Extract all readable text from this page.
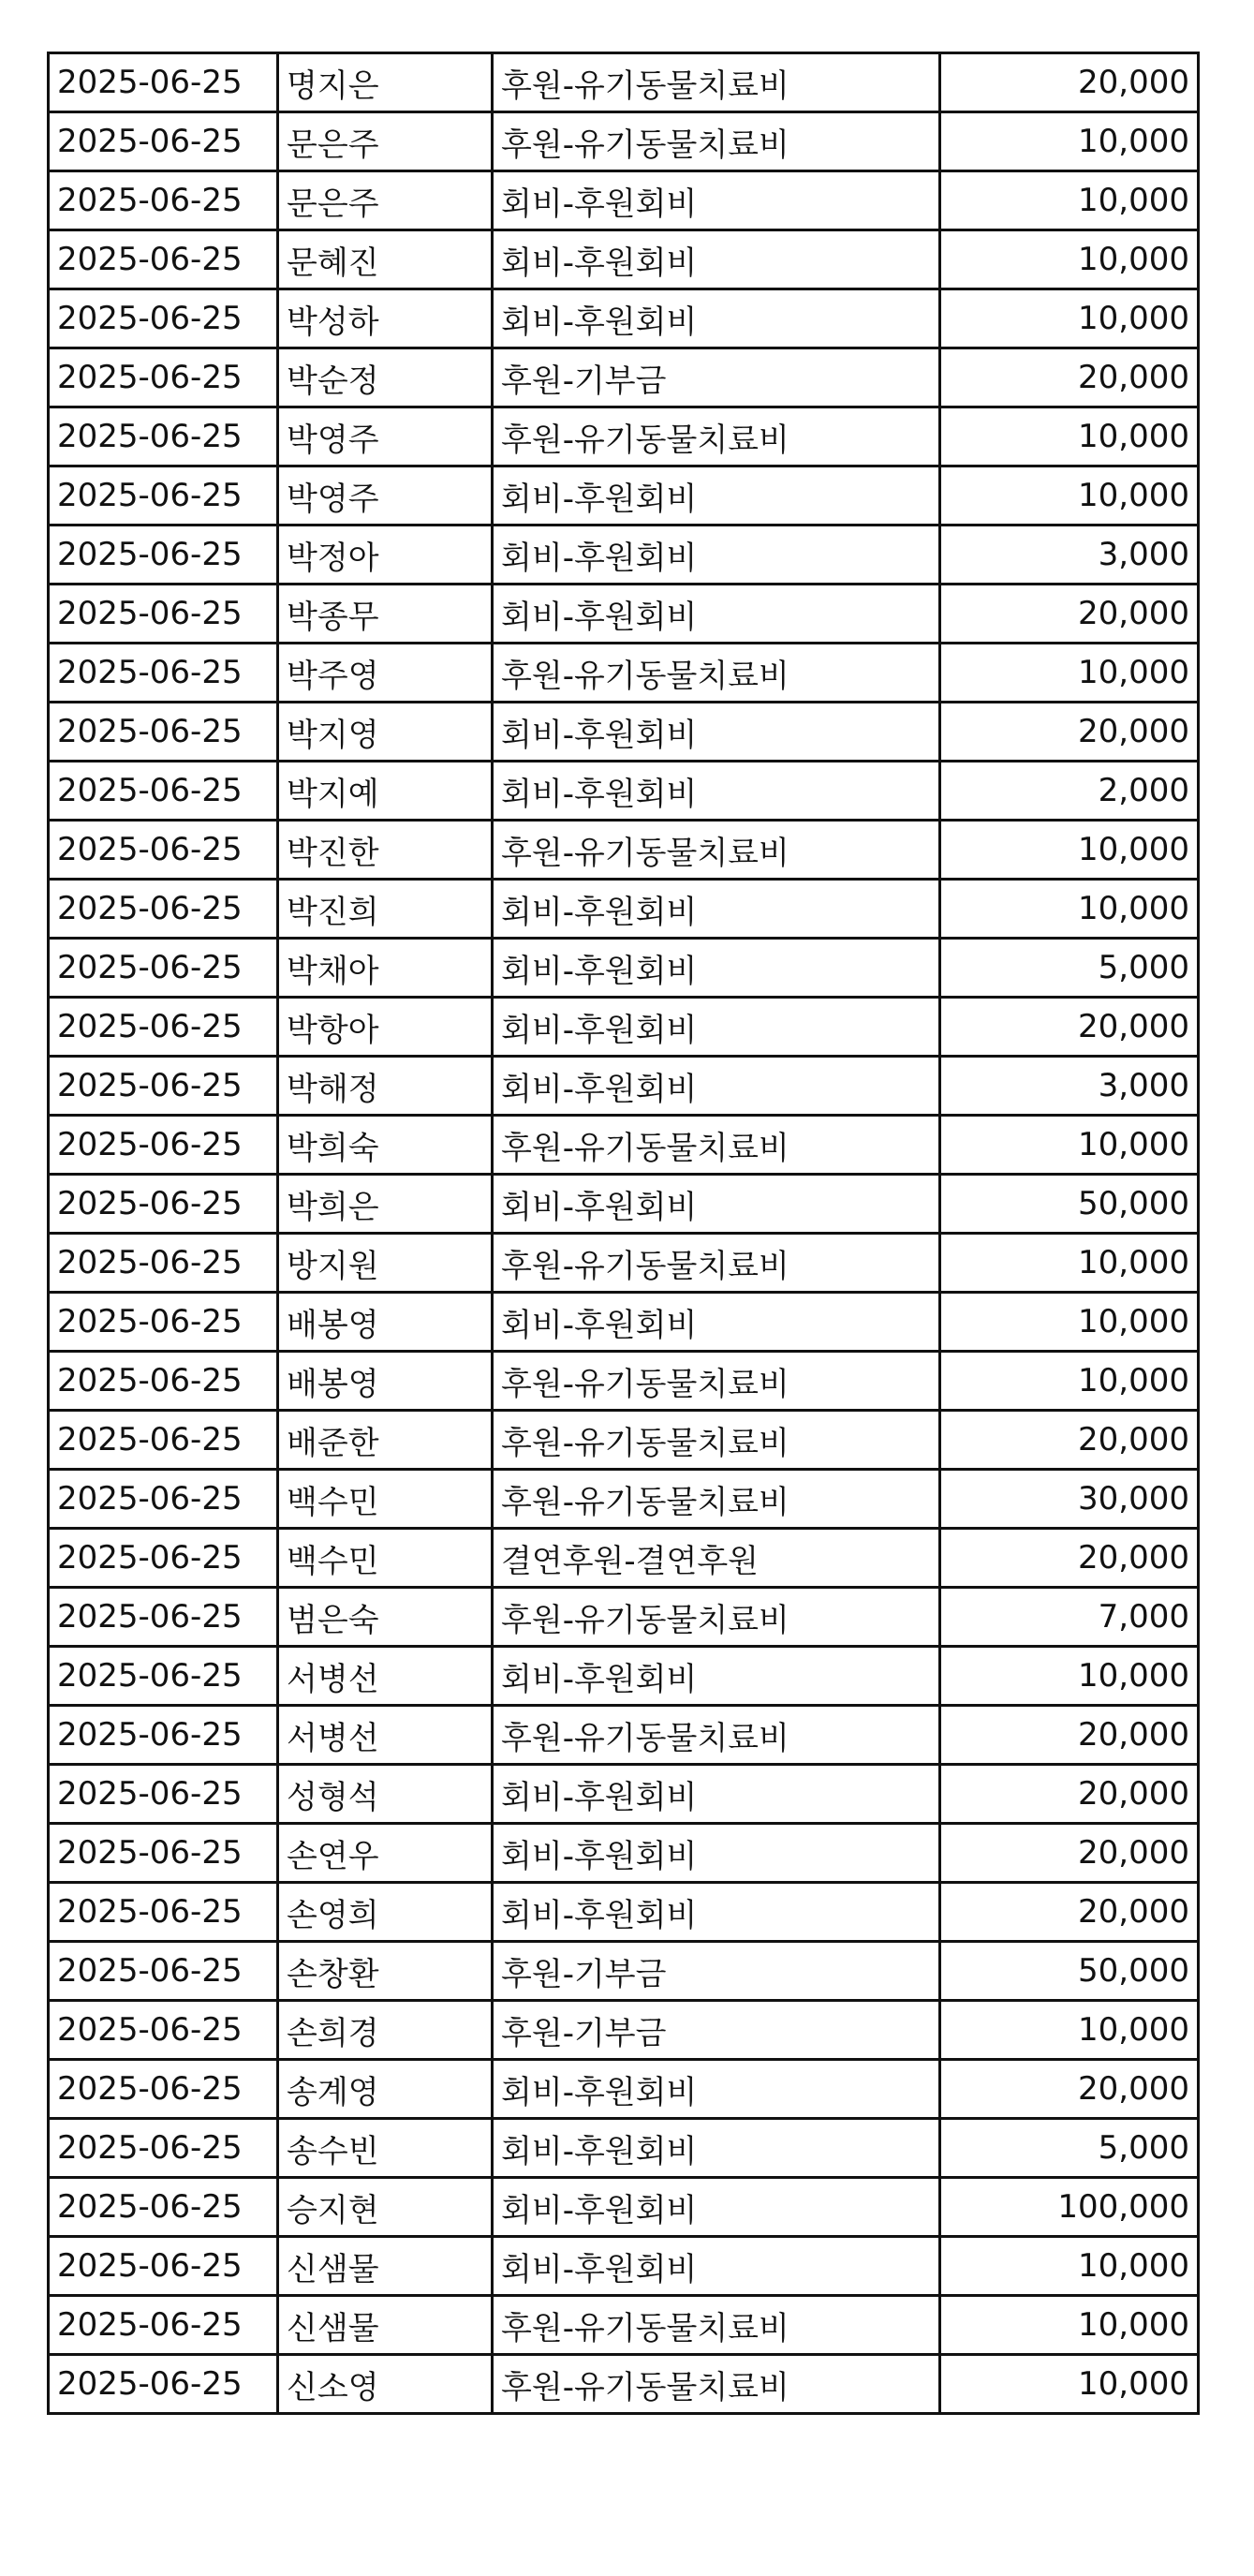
2025-06-25	명지은	후원-유기동물치료비	20,000
2025-06-25	문은주	후원-유기동물치료비	10,000
2025-06-25	문은주	회비-후원회비	10,000
2025-06-25	문혜진	회비-후원회비	10,000
2025-06-25	박성하	회비-후원회비	10,000
2025-06-25	박순정	후원-기부금	20,000
2025-06-25	박영주	후원-유기동물치료비	10,000
2025-06-25	박영주	회비-후원회비	10,000
2025-06-25	박정아	회비-후원회비	3,000
2025-06-25	박종무	회비-후원회비	20,000
2025-06-25	박주영	후원-유기동물치료비	10,000
2025-06-25	박지영	회비-후원회비	20,000
2025-06-25	박지예	회비-후원회비	2,000
2025-06-25	박진한	후원-유기동물치료비	10,000
2025-06-25	박진희	회비-후원회비	10,000
2025-06-25	박채아	회비-후원회비	5,000
2025-06-25	박항아	회비-후원회비	20,000
2025-06-25	박해정	회비-후원회비	3,000
2025-06-25	박희숙	후원-유기동물치료비	10,000
2025-06-25	박희은	회비-후원회비	50,000
2025-06-25	방지원	후원-유기동물치료비	10,000
2025-06-25	배봉영	회비-후원회비	10,000
2025-06-25	배봉영	후원-유기동물치료비	10,000
2025-06-25	배준한	후원-유기동물치료비	20,000
2025-06-25	백수민	후원-유기동물치료비	30,000
2025-06-25	백수민	결연후원-결연후원	20,000
2025-06-25	범은숙	후원-유기동물치료비	7,000
2025-06-25	서병선	회비-후원회비	10,000
2025-06-25	서병선	후원-유기동물치료비	20,000
2025-06-25	성형석	회비-후원회비	20,000
2025-06-25	손연우	회비-후원회비	20,000
2025-06-25	손영희	회비-후원회비	20,000
2025-06-25	손창환	후원-기부금	50,000
2025-06-25	손희경	후원-기부금	10,000
2025-06-25	송계영	회비-후원회비	20,000
2025-06-25	송수빈	회비-후원회비	5,000
2025-06-25	승지현	회비-후원회비	100,000
2025-06-25	신샘물	회비-후원회비	10,000
2025-06-25	신샘물	후원-유기동물치료비	10,000
2025-06-25	신소영	후원-유기동물치료비	10,000
